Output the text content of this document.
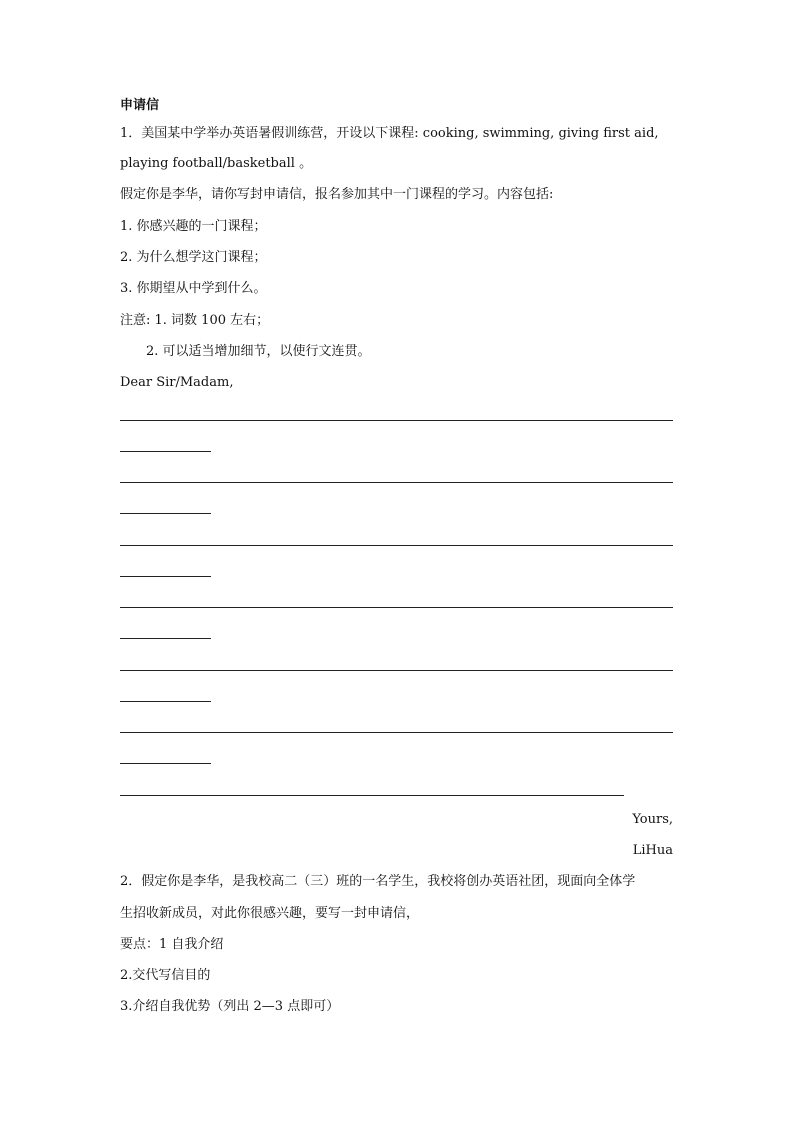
申请信
1．美国某中学举办英语暑假训练营，开设以下课程: cooking, swimming, giving first aid,
playing football/basketball 。
假定你是李华，请你写封申请信，报名参加其中一门课程的学习。内容包括:
1. 你感兴趣的一门课程；
2. 为什么想学这门课程；
3. 你期望从中学到什么。
注意: 1. 词数 100 左右；
2. 可以适当增加细节，以使行文连贯。
Dear Sir/Madam,
Yours,
LiHua
2．假定你是李华，是我校高二（三）班的一名学生，我校将创办英语社团，现面向全体学
生招收新成员，对此你很感兴趣，要写一封申请信，
要点：1 自我介绍
2.交代写信目的
3.介绍自我优势（列出 2—3 点即可）
